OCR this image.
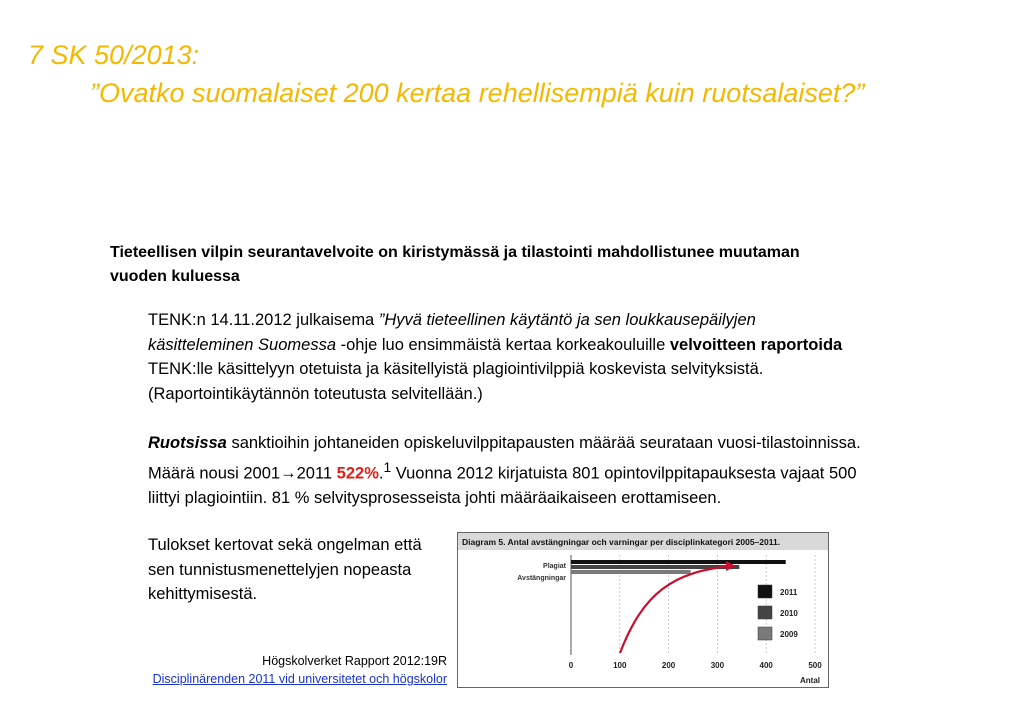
7 SK 50/2013:
”Ovatko suomalaiset 200 kertaa rehellisempiä kuin ruotsalaiset?”
Tieteellisen vilpin seurantavelvoite on kiristymässä ja tilastointi mahdollistunee muutaman vuoden kuluessa
TENK:n 14.11.2012 julkaisema ”Hyvä tieteellinen käytäntö ja sen loukkausepäilyjen käsitteleminen Suomessa -ohje luo ensimmäistä kertaa korkeakouluille velvoitteen raportoida TENK:lle käsittelyyn otetuista ja käsitellyistä plagiointivilppiä koskevista selvityksistä. (Raportointikäytännön toteutusta selvitellään.)
Ruotsissa sanktioihin johtaneiden opiskeluvilppitapausten määrää seurataan vuosi-tilastoinnissa. Määrä nousi 2001→2011 522%.$^1$ Vuonna 2012 kirjatuista 801 opintovilppitapauksesta vajaat 500 liittyi plagiointiin. 81 % selvitysprosesseista johti määräaikaiseen erottamiseen.
Tulokset kertovat sekä ongelman että sen tunnistusmenettelyjen nopeasta kehittymisestä.
Högskolverket Rapport 2012:19R
Disciplinärenden 2011 vid universitetet och högskolor
Diagram 5. Antal avstängningar och varningar per disciplinkategori 2005–2011.
0	100	200	300	400	500
Plagiat
Avstängningar
2011
2010
2009
Antal
